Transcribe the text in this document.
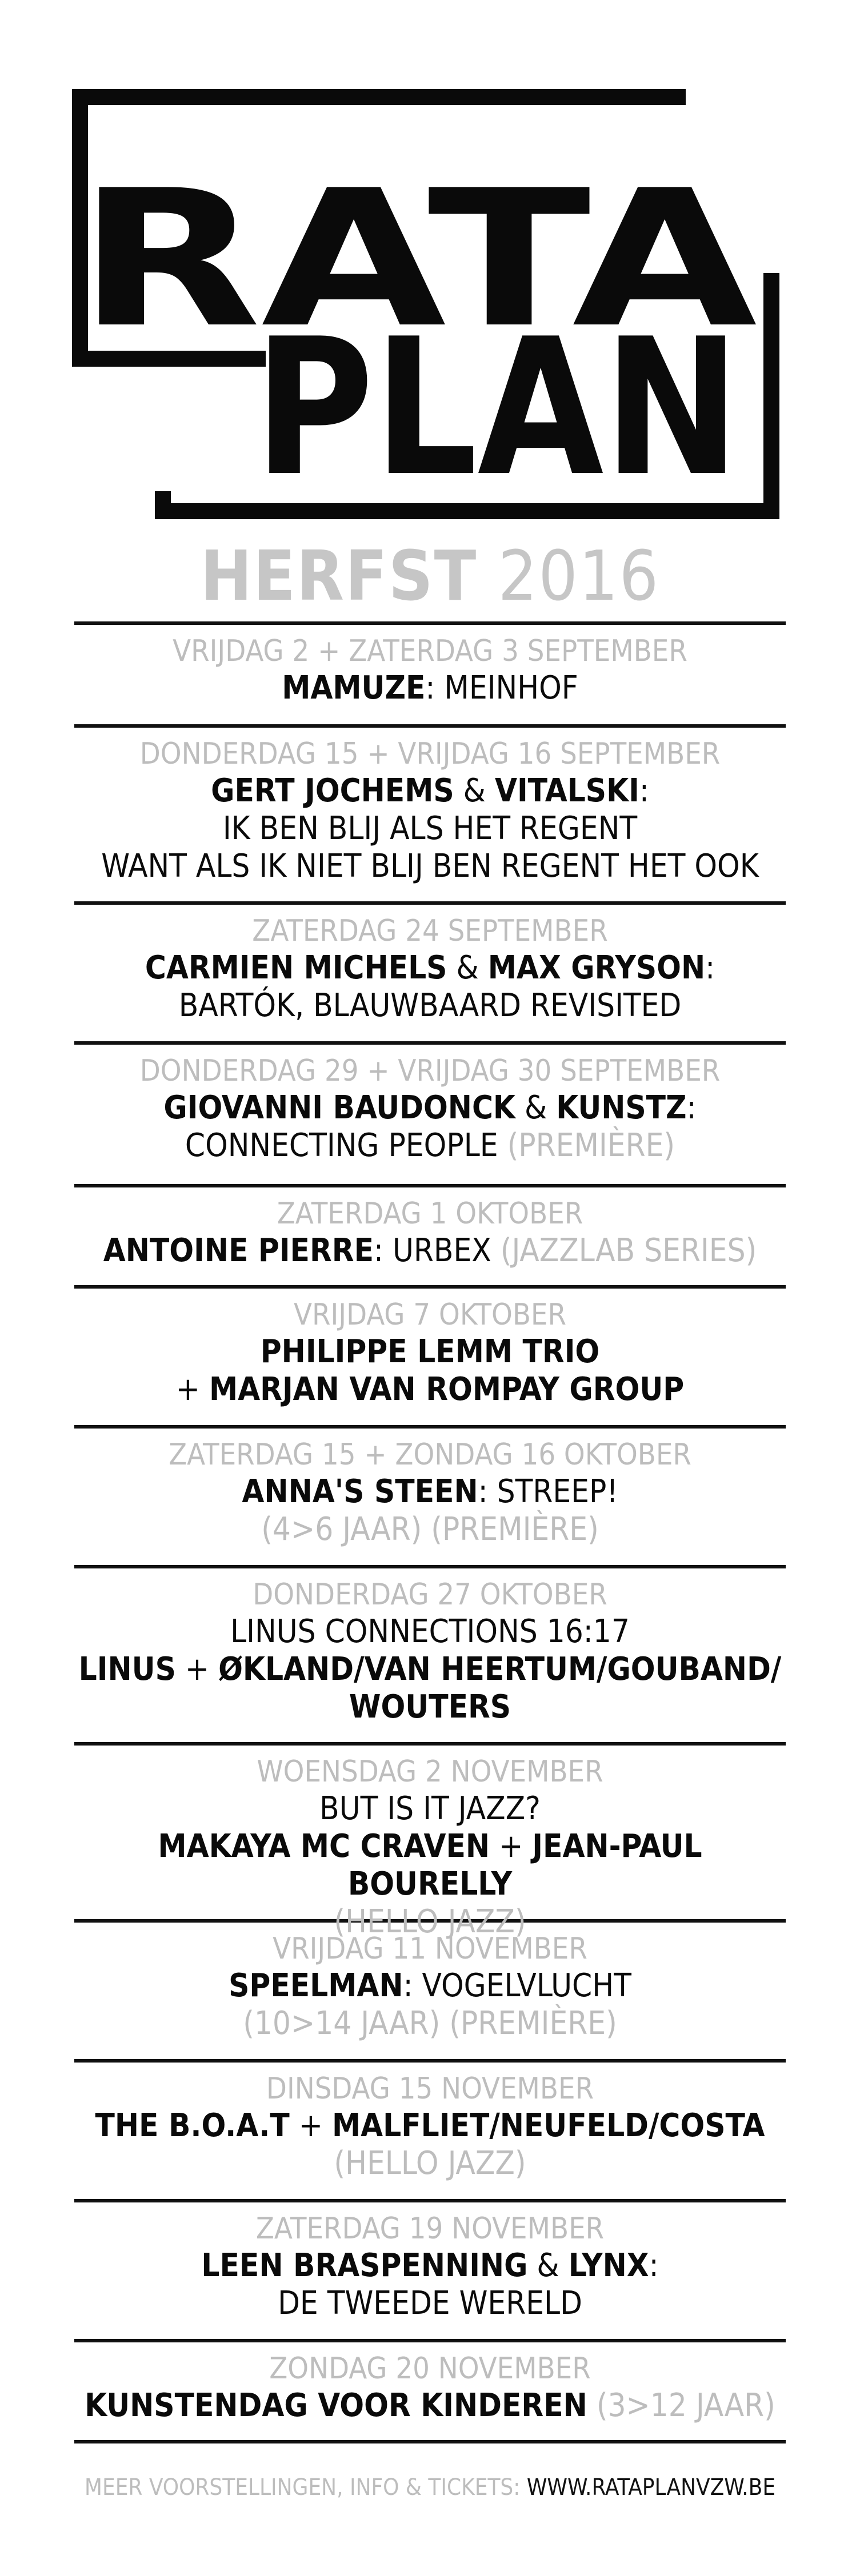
RATA
PLAN
HERFST 2016
VRIJDAG 2 + ZATERDAG 3 SEPTEMBER
MAMUZE: MEINHOF
DONDERDAG 15 + VRIJDAG 16 SEPTEMBER
GERT JOCHEMS & VITALSKI:
IK BEN BLIJ ALS HET REGENT
WANT ALS IK NIET BLIJ BEN REGENT HET OOK
ZATERDAG 24 SEPTEMBER
CARMIEN MICHELS & MAX GRYSON:
BARTÓK, BLAUWBAARD REVISITED
DONDERDAG 29 + VRIJDAG 30 SEPTEMBER
GIOVANNI BAUDONCK & KUNSTZ:
CONNECTING PEOPLE (PREMIÈRE)
ZATERDAG 1 OKTOBER
ANTOINE PIERRE: URBEX (JAZZLAB SERIES)
VRIJDAG 7 OKTOBER
PHILIPPE LEMM TRIO
+ MARJAN VAN ROMPAY GROUP
ZATERDAG 15 + ZONDAG 16 OKTOBER
ANNA'S STEEN: STREEP!
(4>6 JAAR) (PREMIÈRE)
DONDERDAG 27 OKTOBER
LINUS CONNECTIONS 16:17
LINUS + ØKLAND/VAN HEERTUM/GOUBAND/
WOUTERS
WOENSDAG 2 NOVEMBER
BUT IS IT JAZZ?
MAKAYA MC CRAVEN + JEAN-PAUL BOURELLY
(HELLO JAZZ)
VRIJDAG 11 NOVEMBER
SPEELMAN: VOGELVLUCHT
(10>14 JAAR) (PREMIÈRE)
DINSDAG 15 NOVEMBER
THE B.O.A.T + MALFLIET/NEUFELD/COSTA
(HELLO JAZZ)
ZATERDAG 19 NOVEMBER
LEEN BRASPENNING & LYNX:
DE TWEEDE WERELD
ZONDAG 20 NOVEMBER
KUNSTENDAG VOOR KINDEREN (3>12 JAAR)
MEER VOORSTELLINGEN, INFO & TICKETS: WWW.RATAPLANVZW.BE
